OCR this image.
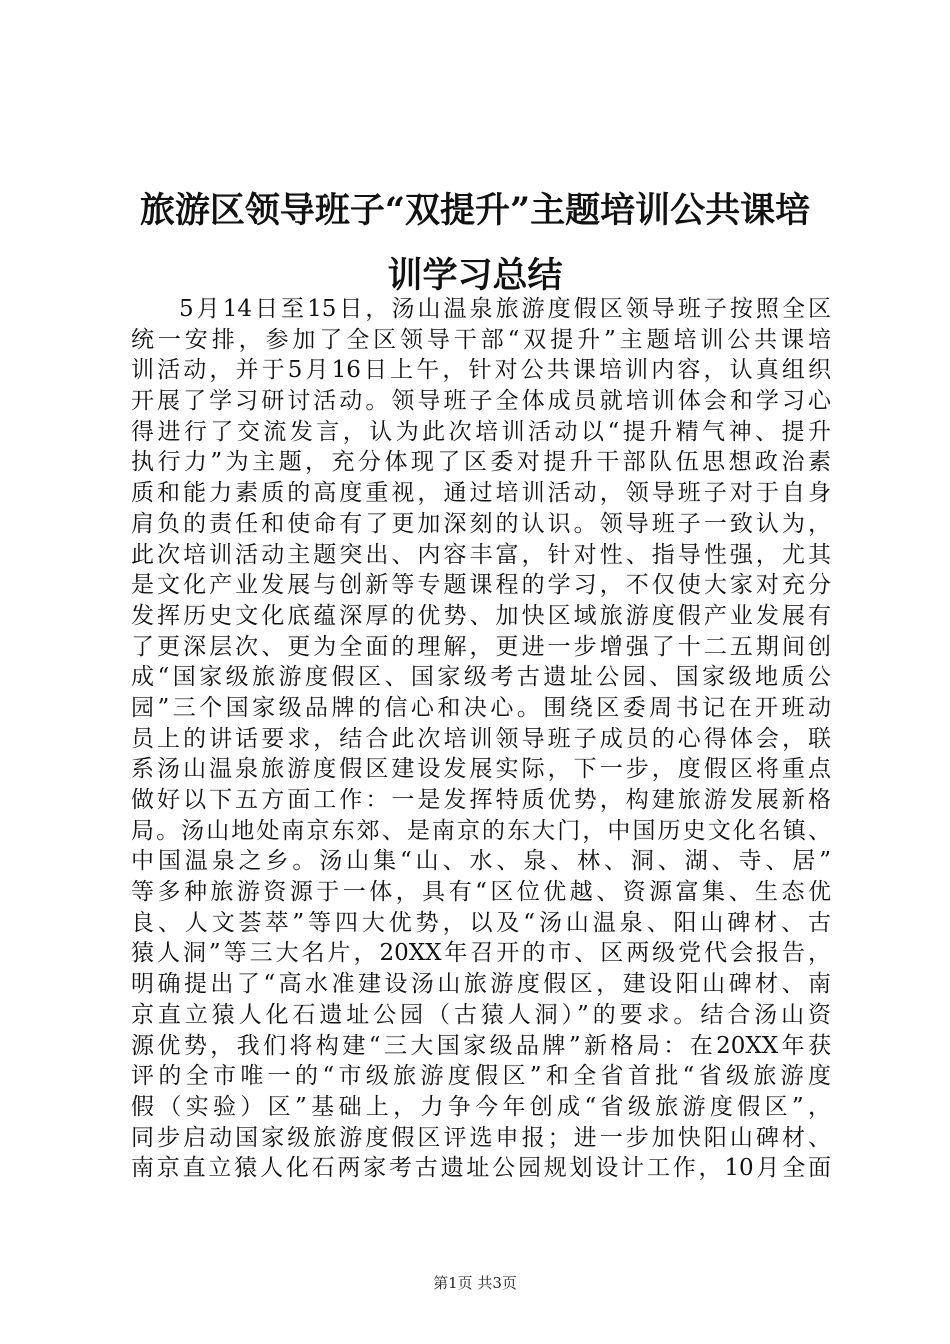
旅游区领导班子“双提升”主题培训公共课培
训学习总结
5月14日至15日，汤山温泉旅游度假区领导班子按照全区
统一安排，参加了全区领导干部“双提升”主题培训公共课培
训活动，并于5月16日上午，针对公共课培训内容，认真组织
开展了学习研讨活动。领导班子全体成员就培训体会和学习心
得进行了交流发言，认为此次培训活动以“提升精气神、提升
执行力”为主题，充分体现了区委对提升干部队伍思想政治素
质和能力素质的高度重视，通过培训活动，领导班子对于自身
肩负的责任和使命有了更加深刻的认识。领导班子一致认为，
此次培训活动主题突出、内容丰富，针对性、指导性强，尤其
是文化产业发展与创新等专题课程的学习，不仅使大家对充分
发挥历史文化底蕴深厚的优势、加快区域旅游度假产业发展有
了更深层次、更为全面的理解，更进一步增强了十二五期间创
成“国家级旅游度假区、国家级考古遗址公园、国家级地质公
园”三个国家级品牌的信心和决心。围绕区委周书记在开班动
员上的讲话要求，结合此次培训领导班子成员的心得体会，联
系汤山温泉旅游度假区建设发展实际，下一步，度假区将重点
做好以下五方面工作：一是发挥特质优势，构建旅游发展新格
局。汤山地处南京东郊、是南京的东大门，中国历史文化名镇、
中国温泉之乡。汤山集“山、水、泉、林、洞、湖、寺、居”
等多种旅游资源于一体，具有“区位优越、资源富集、生态优
良、人文荟萃”等四大优势，以及“汤山温泉、阳山碑材、古
猿人洞”等三大名片，20XX年召开的市、区两级党代会报告，
明确提出了“高水准建设汤山旅游度假区，建设阳山碑材、南
京直立猿人化石遗址公园（古猿人洞）”的要求。结合汤山资
源优势，我们将构建“三大国家级品牌”新格局：在20XX年获
评的全市唯一的“市级旅游度假区”和全省首批“省级旅游度
假（实验）区”基础上，力争今年创成“省级旅游度假区”，
同步启动国家级旅游度假区评选申报；进一步加快阳山碑材、
南京直立猿人化石两家考古遗址公园规划设计工作，10月全面
第1页 共3页
